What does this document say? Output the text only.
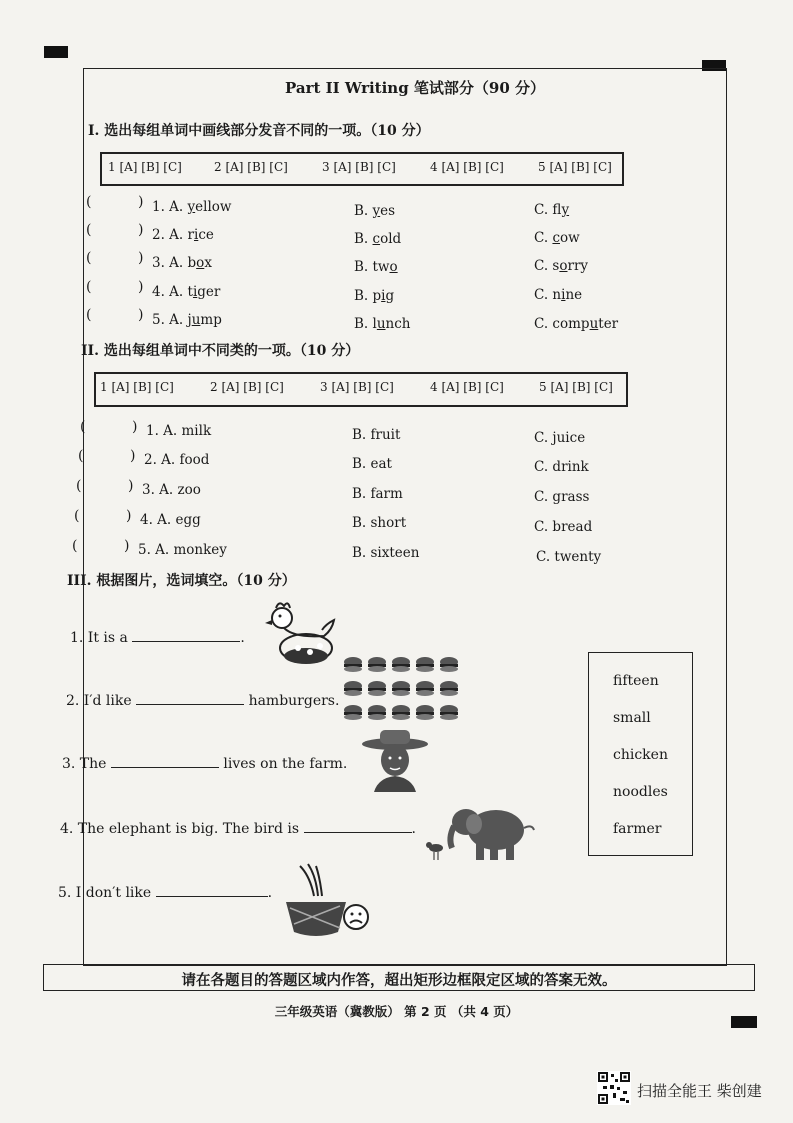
Part II Writing 笔试部分（90 分）
I. 选出每组单词中画线部分发音不同的一项。（10 分）
1 [A] [B] [C]	2 [A] [B] [C]	3 [A] [B] [C]	4 [A] [B] [C]	5 [A] [B] [C]
(	) 1. A. yellow	B. yes	C. fly
(	) 2. A. rice	B. cold	C. cow
(	) 3. A. box	B. two	C. sorry
(	) 4. A. tiger	B. pig	C. nine
(	) 5. A. jump	B. lunch	C. computer
II. 选出每组单词中不同类的一项。（10 分）
1 [A] [B] [C]	2 [A] [B] [C]	3 [A] [B] [C]	4 [A] [B] [C]	5 [A] [B] [C]
(	) 1. A. milk	B. fruit	C. juice
(	) 2. A. food	B. eat	C. drink
(	) 3. A. zoo	B. farm	C. grass
(	) 4. A. egg	B. short	C. bread
(	) 5. A. monkey	B. sixteen	C. twenty
III. 根据图片，选词填空。（10 分）
1. It is a	.
2. I′d like	hamburgers.
3. The	lives on the farm.
4. The elephant is big. The bird is	.
5. I don′t like	.
fifteen
small
chicken
noodles
farmer
请在各题目的答题区域内作答，超出矩形边框限定区域的答案无效。
三年级英语（冀教版） 第 2 页 （共 4 页）
扫描全能王 柴创建
